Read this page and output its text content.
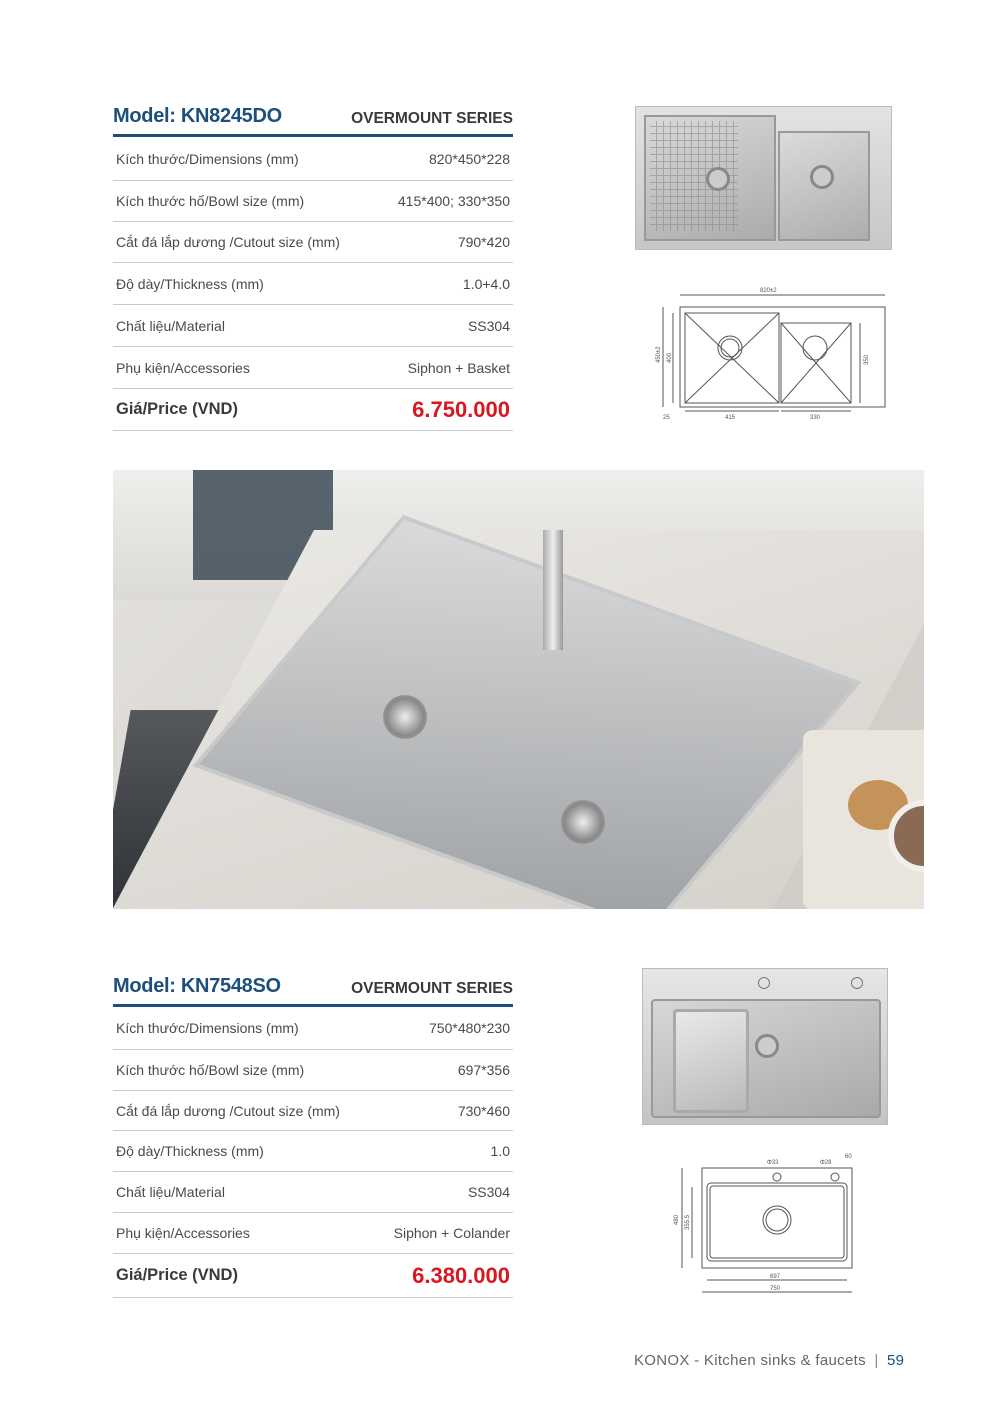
Model: KN8245DO	OVERMOUNT SERIES
Kích thước/Dimensions (mm)	820*450*228
Kích thước hố/Bowl size (mm)	415*400; 330*350
Cắt đá lắp dương /Cutout size (mm)	790*420
Độ dày/Thickness (mm)	1.0+4.0
Chất liệu/Material	SS304
Phụ kiện/Accessories	Siphon + Basket
Giá/Price (VND)	6.750.000
Model: KN7548SO	OVERMOUNT SERIES
Kích thước/Dimensions (mm)	750*480*230
Kích thước hố/Bowl size (mm)	697*356
Cắt đá lắp dương /Cutout size (mm)	730*460
Độ dày/Thickness (mm)	1.0
Chất liệu/Material	SS304
Phụ kiện/Accessories	Siphon + Colander
Giá/Price (VND)	6.380.000
820±2
450±2 400
415	330
25
350
Φ33	Φ28
60
480 355.5
697
750
KONOX - Kitchen sinks & faucets | 59
